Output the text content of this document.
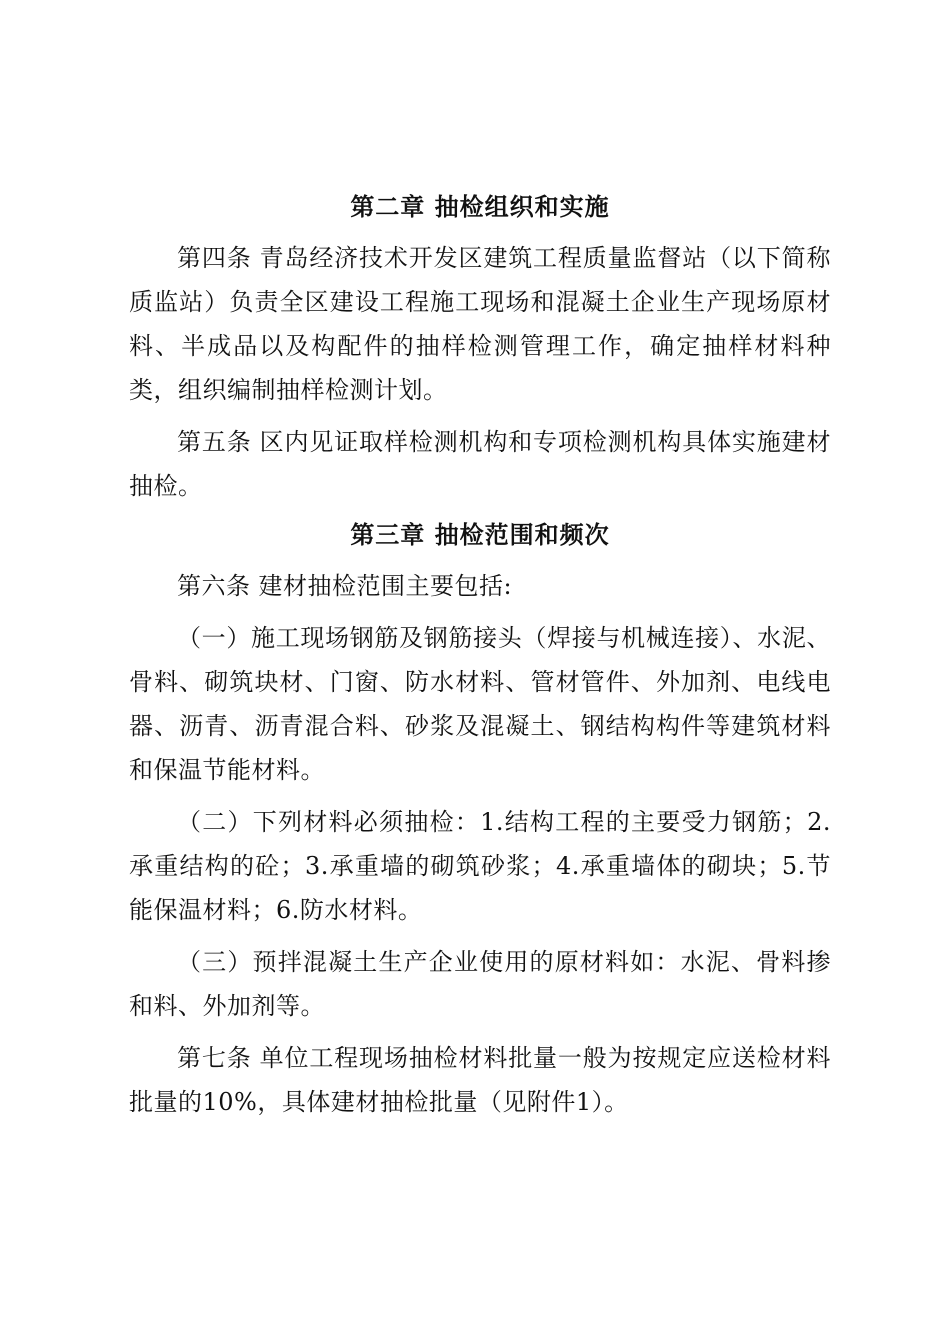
第二章 抽检组织和实施

第四条 青岛经济技术开发区建筑工程质量监督站（以下简称质监站）负责全区建设工程施工现场和混凝土企业生产现场原材料、半成品以及构配件的抽样检测管理工作，确定抽样材料种类，组织编制抽样检测计划。

第五条 区内见证取样检测机构和专项检测机构具体实施建材抽检。

第三章 抽检范围和频次

第六条 建材抽检范围主要包括:

（一）施工现场钢筋及钢筋接头（焊接与机械连接）、水泥、骨料、砌筑块材、门窗、防水材料、管材管件、外加剂、电线电器、沥青、沥青混合料、砂浆及混凝土、钢结构构件等建筑材料和保温节能材料。

（二）下列材料必须抽检：1.结构工程的主要受力钢筋；2.承重结构的砼；3.承重墙的砌筑砂浆；4.承重墙体的砌块；5.节能保温材料；6.防水材料。

（三）预拌混凝土生产企业使用的原材料如：水泥、骨料掺和料、外加剂等。

第七条 单位工程现场抽检材料批量一般为按规定应送检材料批量的10%，具体建材抽检批量（见附件1）。
